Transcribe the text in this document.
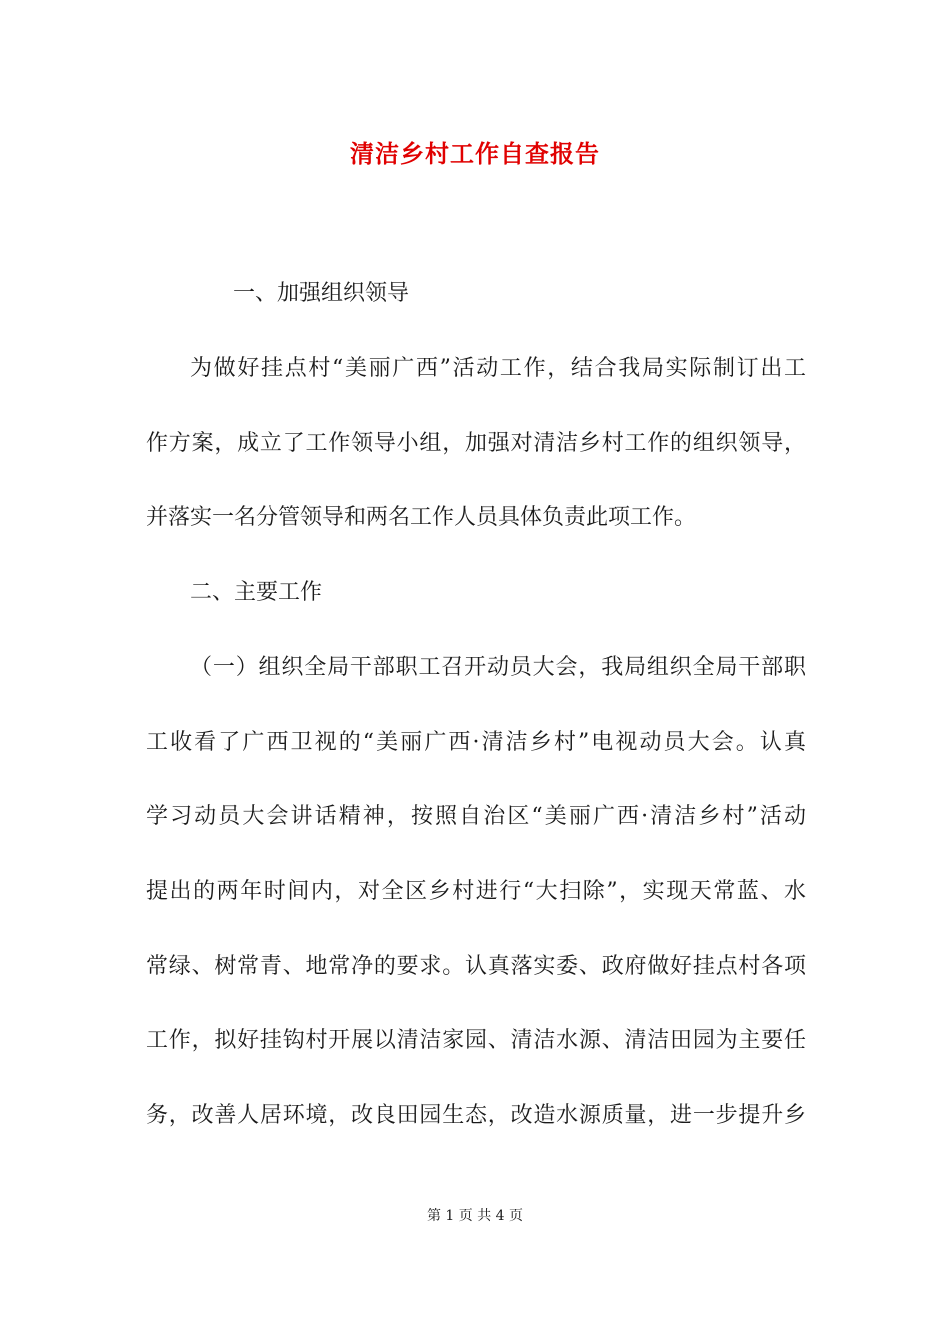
清洁乡村工作自查报告
一、加强组织领导
为做好挂点村“美丽广西”活动工作，结合我局实际制订出工
作方案，成立了工作领导小组，加强对清洁乡村工作的组织领导，
并落实一名分管领导和两名工作人员具体负责此项工作。
二、主要工作
（一）组织全局干部职工召开动员大会，我局组织全局干部职
工收看了广西卫视的“美丽广西·清洁乡村”电视动员大会。认真
学习动员大会讲话精神，按照自治区“美丽广西·清洁乡村”活动
提出的两年时间内，对全区乡村进行“大扫除”，实现天常蓝、水
常绿、树常青、地常净的要求。认真落实委、政府做好挂点村各项
工作，拟好挂钩村开展以清洁家园、清洁水源、清洁田园为主要任
务，改善人居环境，改良田园生态，改造水源质量，进一步提升乡
第 1 页 共 4 页
